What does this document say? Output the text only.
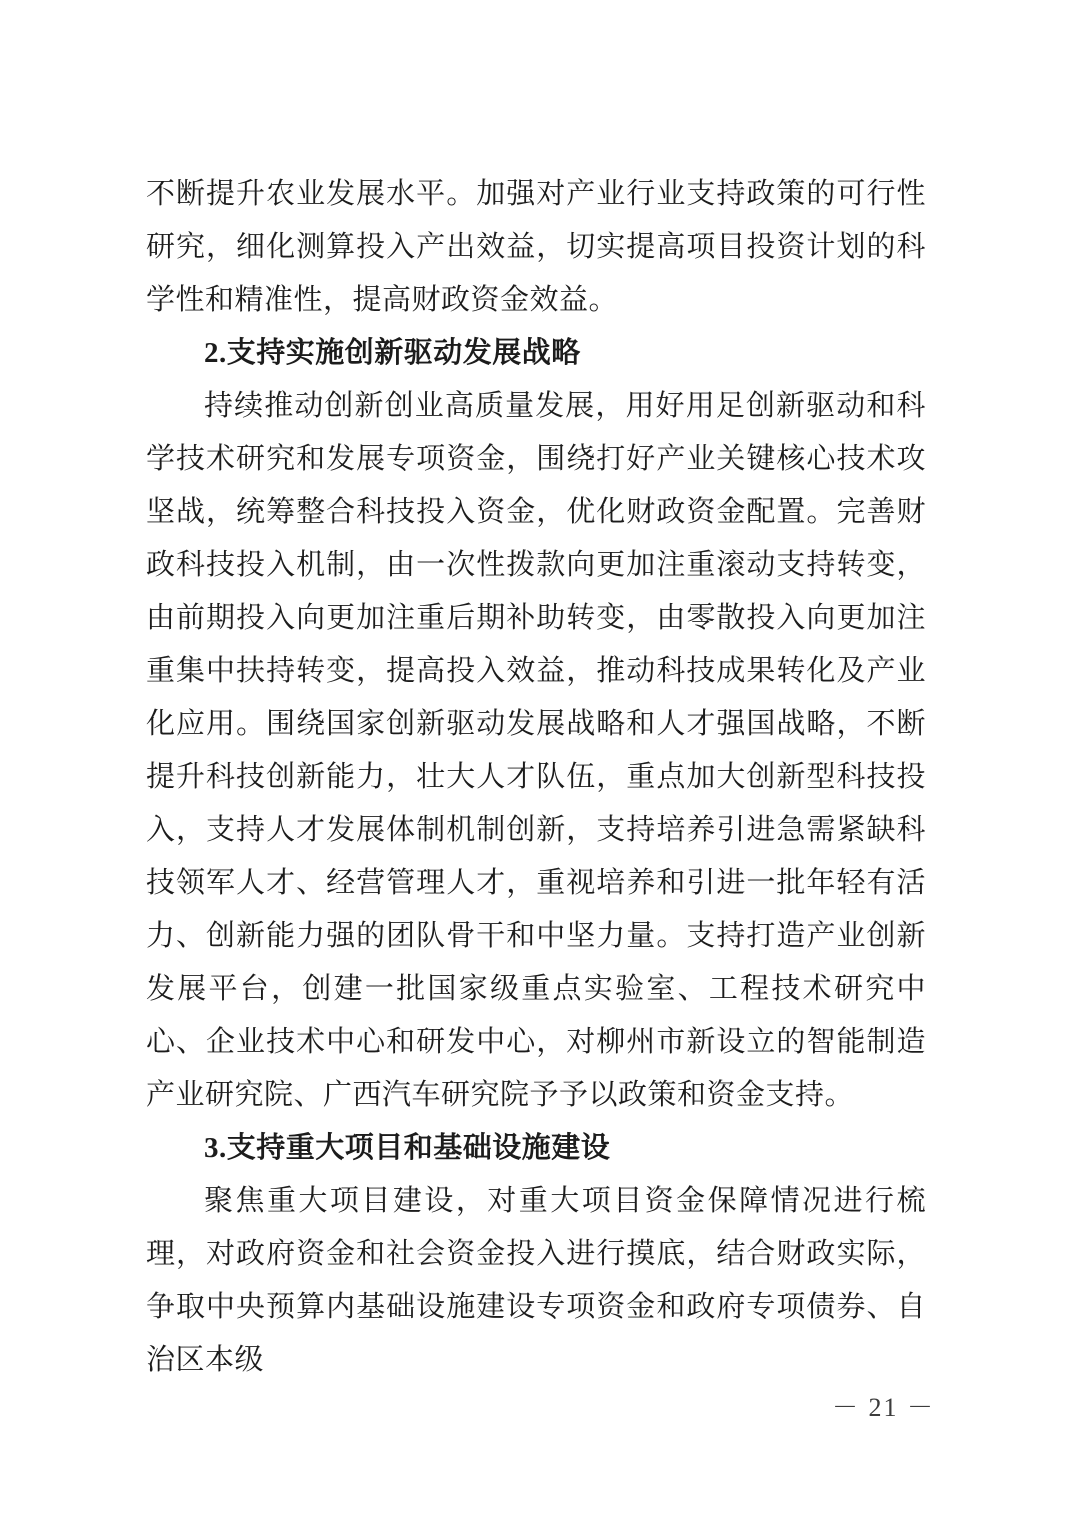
不断提升农业发展水平。加强对产业行业支持政策的可行性研究，细化测算投入产出效益，切实提高项目投资计划的科学性和精准性，提高财政资金效益。

2.支持实施创新驱动发展战略

持续推动创新创业高质量发展，用好用足创新驱动和科学技术研究和发展专项资金，围绕打好产业关键核心技术攻坚战，统筹整合科技投入资金，优化财政资金配置。完善财政科技投入机制，由一次性拨款向更加注重滚动支持转变，由前期投入向更加注重后期补助转变，由零散投入向更加注重集中扶持转变，提高投入效益，推动科技成果转化及产业化应用。围绕国家创新驱动发展战略和人才强国战略，不断提升科技创新能力，壮大人才队伍，重点加大创新型科技投入，支持人才发展体制机制创新，支持培养引进急需紧缺科技领军人才、经营管理人才，重视培养和引进一批年轻有活力、创新能力强的团队骨干和中坚力量。支持打造产业创新发展平台，创建一批国家级重点实验室、工程技术研究中心、企业技术中心和研发中心，对柳州市新设立的智能制造产业研究院、广西汽车研究院予予以政策和资金支持。

3.支持重大项目和基础设施建设

聚焦重大项目建设，对重大项目资金保障情况进行梳理，对政府资金和社会资金投入进行摸底，结合财政实际，争取中央预算内基础设施建设专项资金和政府专项债券、自治区本级

－ 21 －
